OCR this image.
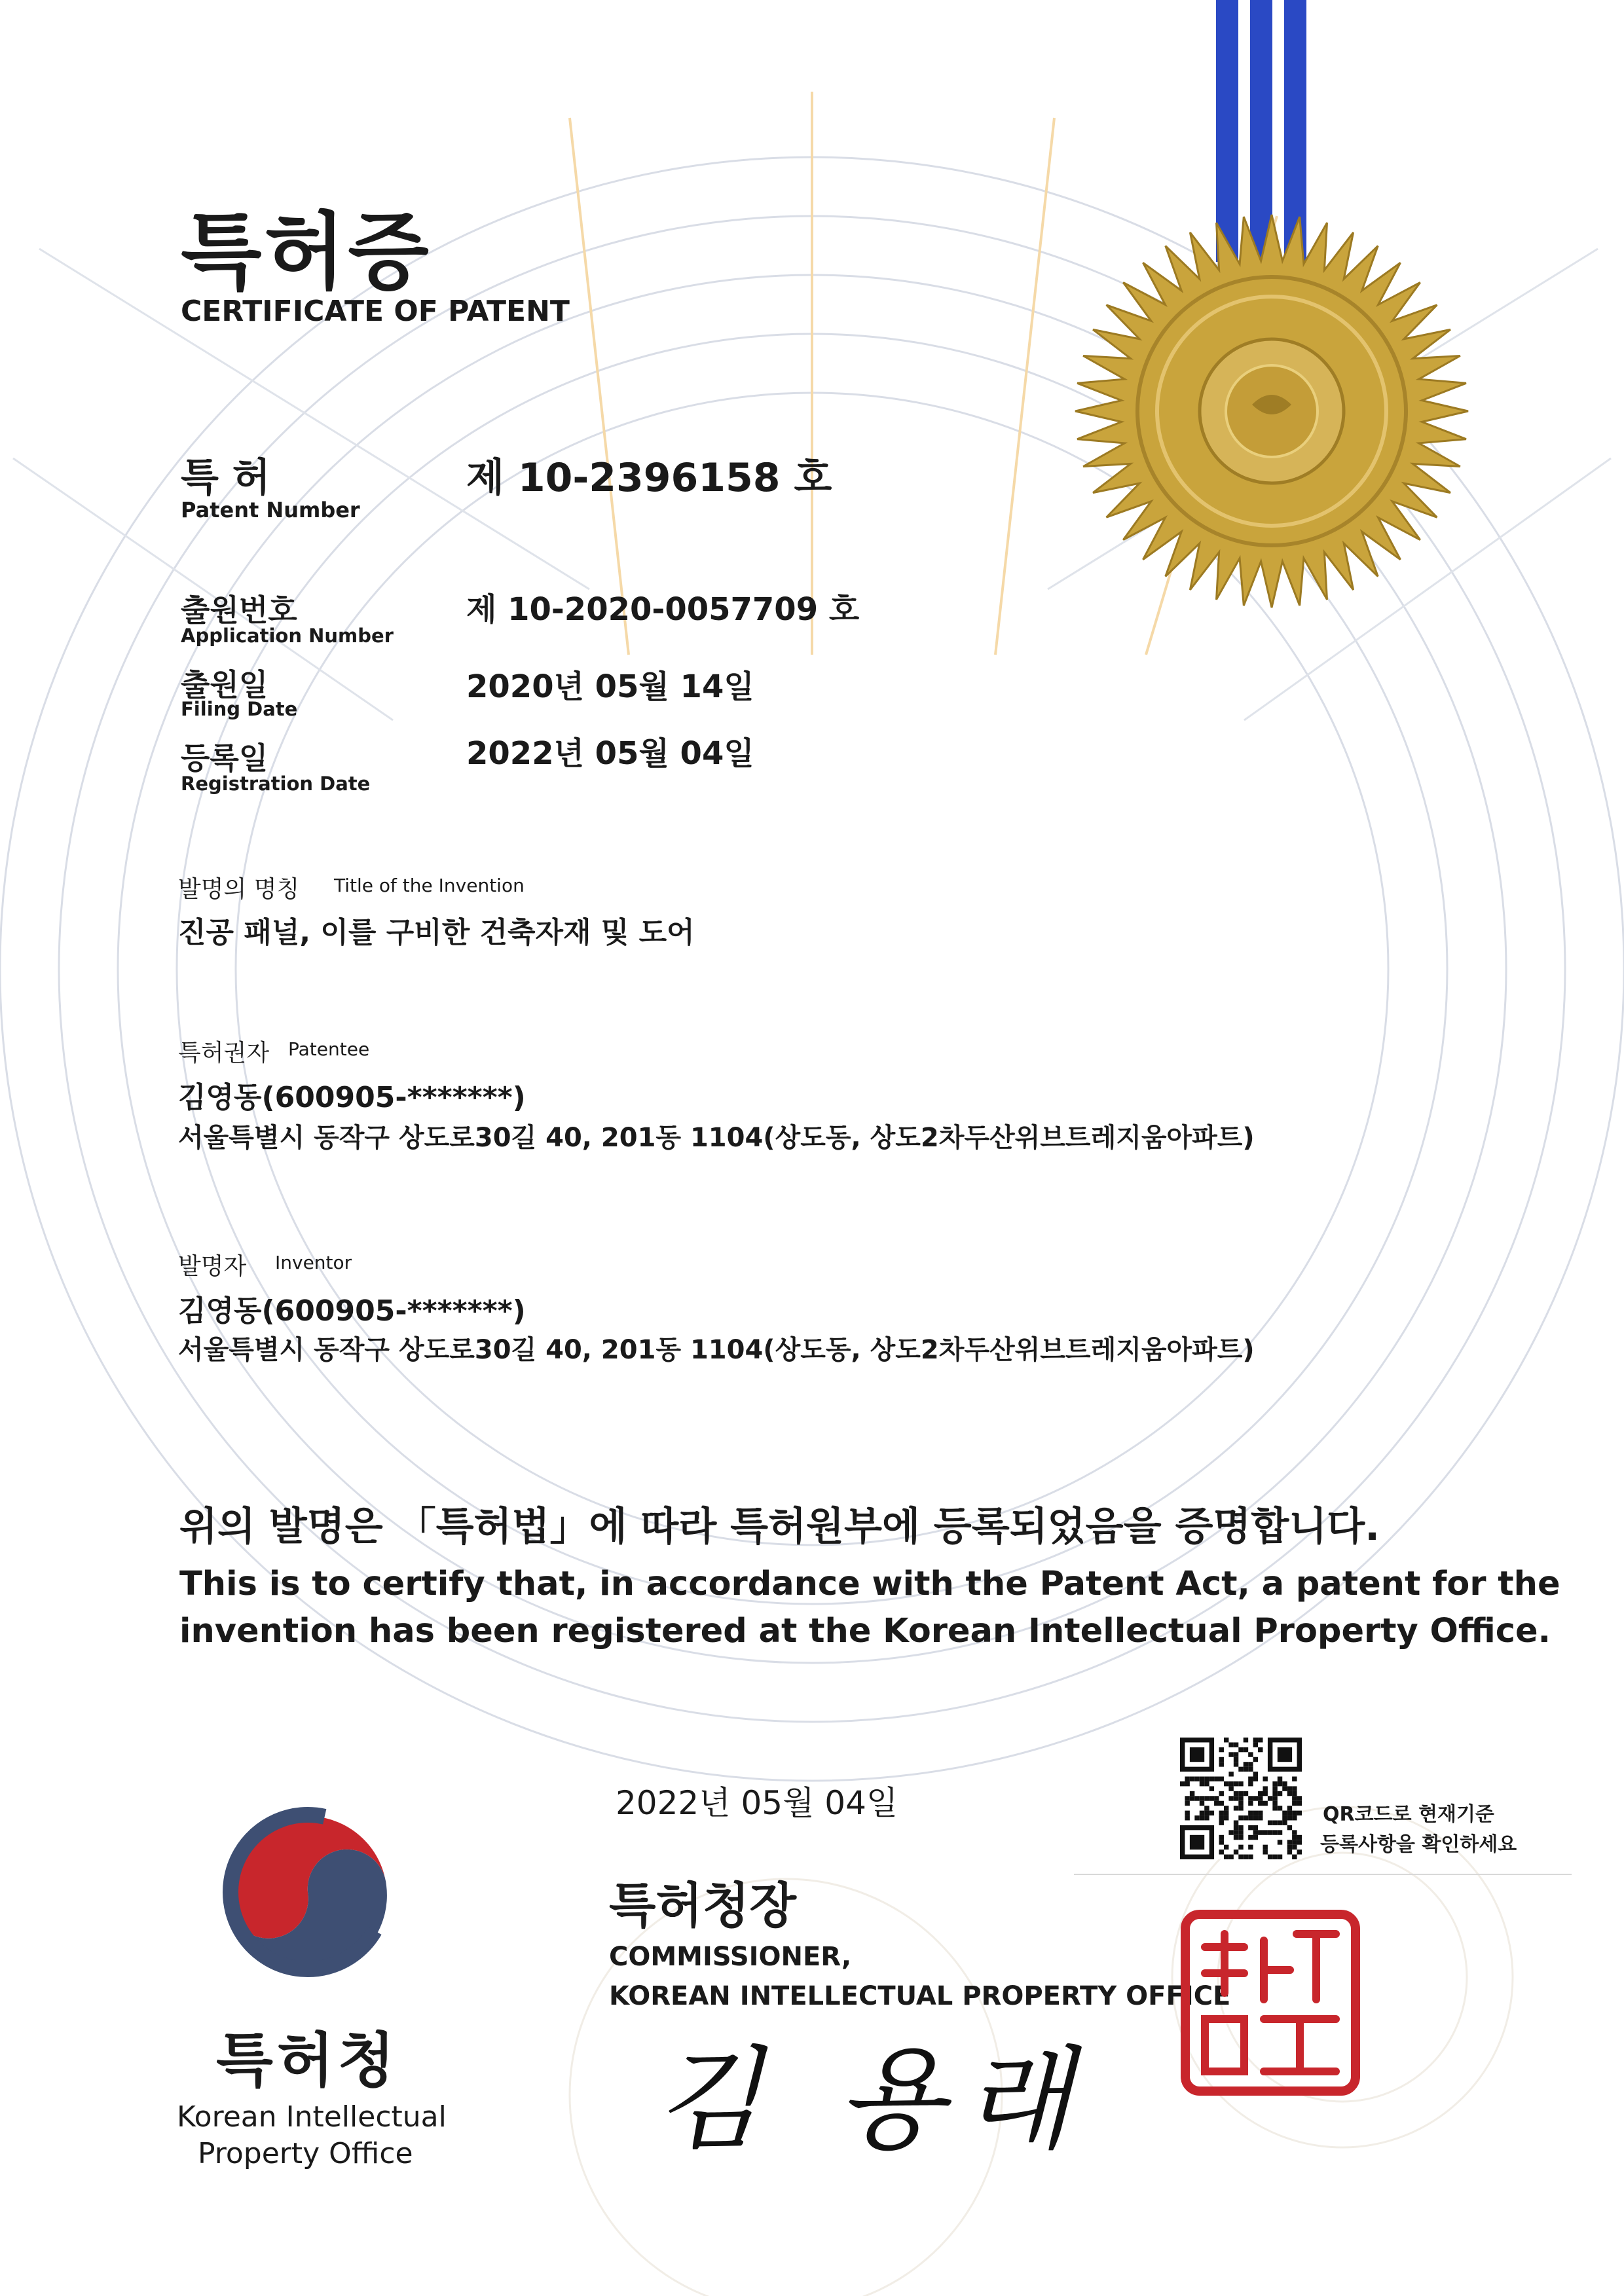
특허증
CERTIFICATE OF PATENT
특 허
Patent Number
제 10-2396158 호
출원번호
Application Number
제 10-2020-0057709 호
출원일
Filing Date
2020년 05월 14일
등록일
Registration Date
2022년 05월 04일
발명의 명칭 Title of the Invention
진공 패널, 이를 구비한 건축자재 및 도어
특허권자 Patentee
김영동(600905-*******)
서울특별시 동작구 상도로30길 40, 201동 1104(상도동, 상도2차두산위브트레지움아파트)
발명자 Inventor
김영동(600905-*******)
서울특별시 동작구 상도로30길 40, 201동 1104(상도동, 상도2차두산위브트레지움아파트)
위의 발명은 「특허법」에 따라 특허원부에 등록되었음을 증명합니다.
This is to certify that, in accordance with the Patent Act, a patent for the
invention has been registered at the Korean Intellectual Property Office.
QR코드로 현재기준
등록사항을 확인하세요
2022년 05월 04일
특허청장
COMMISSIONER,
KOREAN INTELLECTUAL PROPERTY OFFICE
김 용래
특허청
Korean Intellectual
Property Office
